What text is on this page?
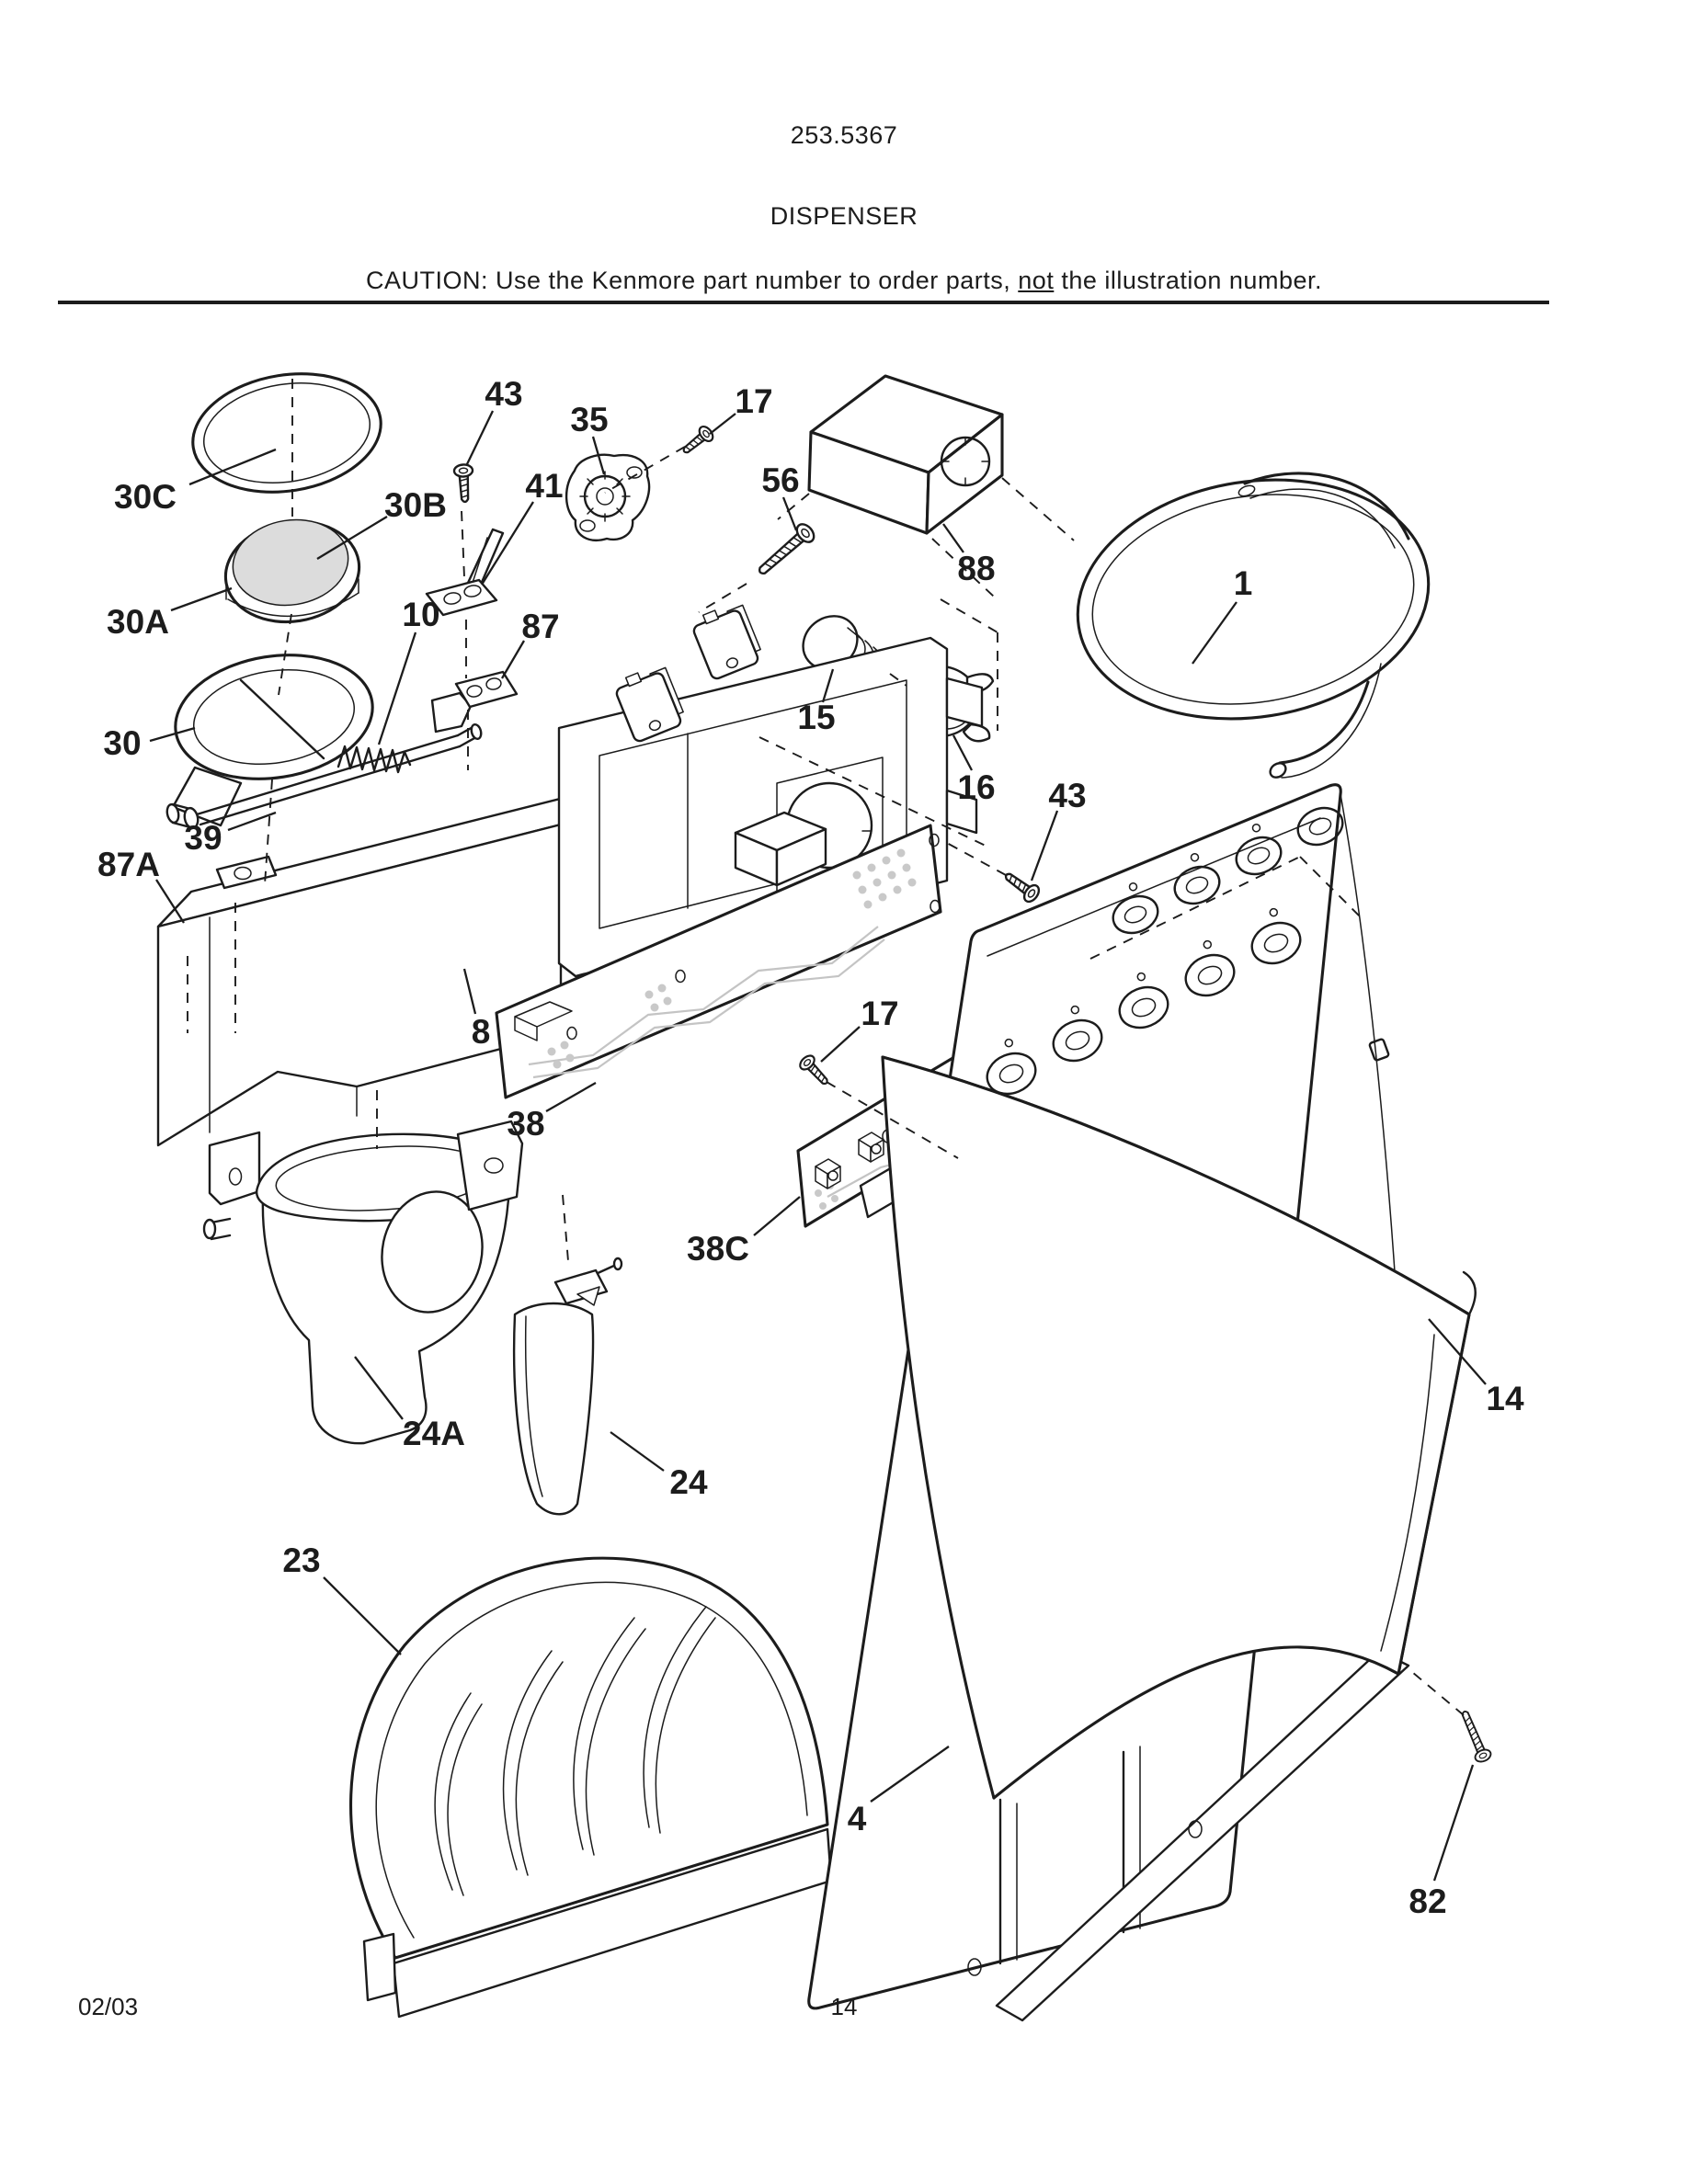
253.5367
DISPENSER
CAUTION: Use the Kenmore part number to order parts, not the illustration number.
30C	30B
30A
43
41
35	17
56
88	1
10 87
30
39
87A
15
16 43
8	17
38
38C
24A
24
23
14
4
82
02/03	14
